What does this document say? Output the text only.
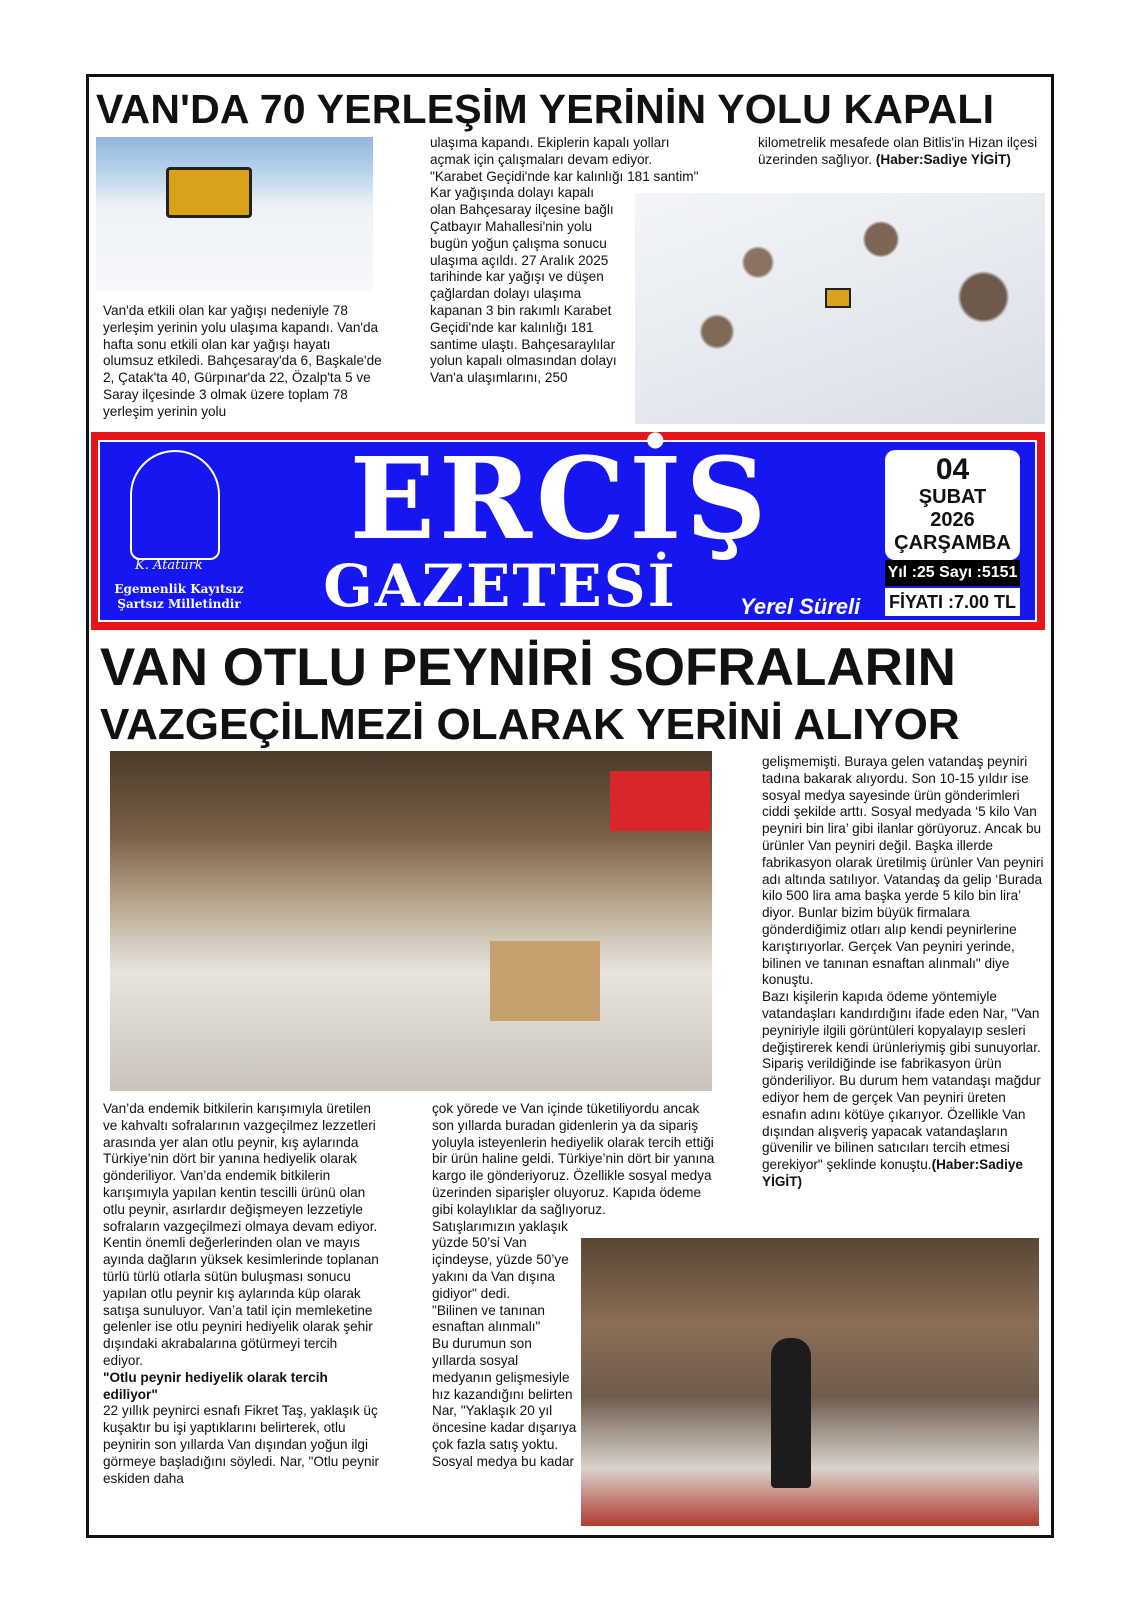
VAN'DA 70 YERLEŞİM YERİNİN YOLU KAPALI
Van'da etkili olan kar yağışı nedeniyle 78 yerleşim yerinin yolu ulaşıma kapandı. Van'da hafta sonu etkili olan kar yağışı hayatı olumsuz etkiledi. Bahçesaray'da 6, Başkale'de 2, Çatak'ta 40, Gürpınar'da 22, Özalp'ta 5 ve Saray ilçesinde 3 olmak üzere toplam 78 yerleşim yerinin yolu

ulaşıma kapandı. Ekiplerin kapalı yolları açmak için çalışmaları devam ediyor.

"Karabet Geçidi'nde kar kalınlığı 181 santim"

Kar yağışında dolayı kapalı olan Bahçesaray ilçesine bağlı Çatbayır Mahallesi'nin yolu bugün yoğun çalışma sonucu ulaşıma açıldı. 27 Aralık 2025 tarihinde kar yağışı ve düşen çağlardan dolayı ulaşıma kapanan 3 bin rakımlı Karabet Geçidi'nde kar kalınlığı 181 santime ulaştı. Bahçesaraylılar yolun kapalı olmasından dolayı Van'a ulaşımlarını, 250

kilometrelik mesafede olan Bitlis'in Hizan ilçesi üzerinden sağlıyor. (Haber:Sadiye YİGİT)
K. Atatürk
Egemenlik Kayıtsız
Şartsız Milletindir
ERCİŞ
GAZETESİ	Yerel Süreli
04
ŞUBAT
2026
ÇARŞAMBA
Yıl :25 Sayı :5151
FİYATI :7.00 TL
VAN OTLU PEYNİRİ SOFRALARIN
VAZGEÇİLMEZİ OLARAK YERİNİ ALIYOR

gelişmemişti. Buraya gelen vatandaş peyniri tadına bakarak alıyordu. Son 10-15 yıldır ise sosyal medya sayesinde ürün gönderimleri ciddi şekilde arttı. Sosyal medyada ‘5 kilo Van peyniri bin lira’ gibi ilanlar görüyoruz. Ancak bu ürünler Van peyniri değil. Başka illerde fabrikasyon olarak üretilmiş ürünler Van peyniri adı altında satılıyor. Vatandaş da gelip ‘Burada kilo 500 lira ama başka yerde 5 kilo bin lira’ diyor. Bunlar bizim büyük firmalara gönderdiğimiz otları alıp kendi peynirlerine karıştırıyorlar. Gerçek Van peyniri yerinde, bilinen ve tanınan esnaftan alınmalı" diye konuştu.

Bazı kişilerin kapıda ödeme yöntemiyle vatandaşları kandırdığını ifade eden Nar, "Van peyniriyle ilgili görüntüleri kopyalayıp sesleri değiştirerek kendi ürünleriymiş gibi sunuyorlar. Sipariş verildiğinde ise fabrikasyon ürün gönderiliyor. Bu durum hem vatandaşı mağdur ediyor hem de gerçek Van peyniri üreten esnafın adını kötüye çıkarıyor. Özellikle Van dışından alışveriş yapacak vatandaşların güvenilir ve bilinen satıcıları tercih etmesi gerekiyor" şeklinde konuştu.(Haber:Sadiye YİGİT)

Van’da endemik bitkilerin karışımıyla üretilen ve kahvaltı sofralarının vazgeçilmez lezzetleri arasında yer alan otlu peynir, kış aylarında Türkiye’nin dört bir yanına hediyelik olarak gönderiliyor. Van’da endemik bitkilerin karışımıyla yapılan kentin tescilli ürünü olan otlu peynir, asırlardır değişmeyen lezzetiyle sofraların vazgeçilmezi olmaya devam ediyor. Kentin önemli değerlerinden olan ve mayıs ayında dağların yüksek kesimlerinde toplanan türlü türlü otlarla sütün buluşması sonucu yapılan otlu peynir kış aylarında küp olarak satışa sunuluyor. Van’a tatil için memleketine gelenler ise otlu peyniri hediyelik olarak şehir dışındaki akrabalarına götürmeyi tercih ediyor.

"Otlu peynir hediyelik olarak tercih ediliyor"

22 yıllık peynirci esnafı Fikret Taş, yaklaşık üç kuşaktır bu işi yaptıklarını belirterek, otlu peynirin son yıllarda Van dışından yoğun ilgi görmeye başladığını söyledi. Nar, "Otlu peynir eskiden daha

çok yörede ve Van içinde tüketiliyordu ancak son yıllarda buradan gidenlerin ya da sipariş yoluyla isteyenlerin hediyelik olarak tercih ettiği bir ürün haline geldi. Türkiye’nin dört bir yanına kargo ile gönderiyoruz. Özellikle sosyal medya üzerinden siparişler oluyoruz. Kapıda ödeme gibi kolaylıklar da sağlıyoruz.

Satışlarımızın yaklaşık yüzde 50’si Van içindeyse, yüzde 50’ye yakını da Van dışına gidiyor" dedi.

"Bilinen ve tanınan esnaftan alınmalı"

Bu durumun son yıllarda sosyal medyanın gelişmesiyle hız kazandığını belirten Nar, "Yaklaşık 20 yıl öncesine kadar dışarıya çok fazla satış yoktu. Sosyal medya bu kadar
